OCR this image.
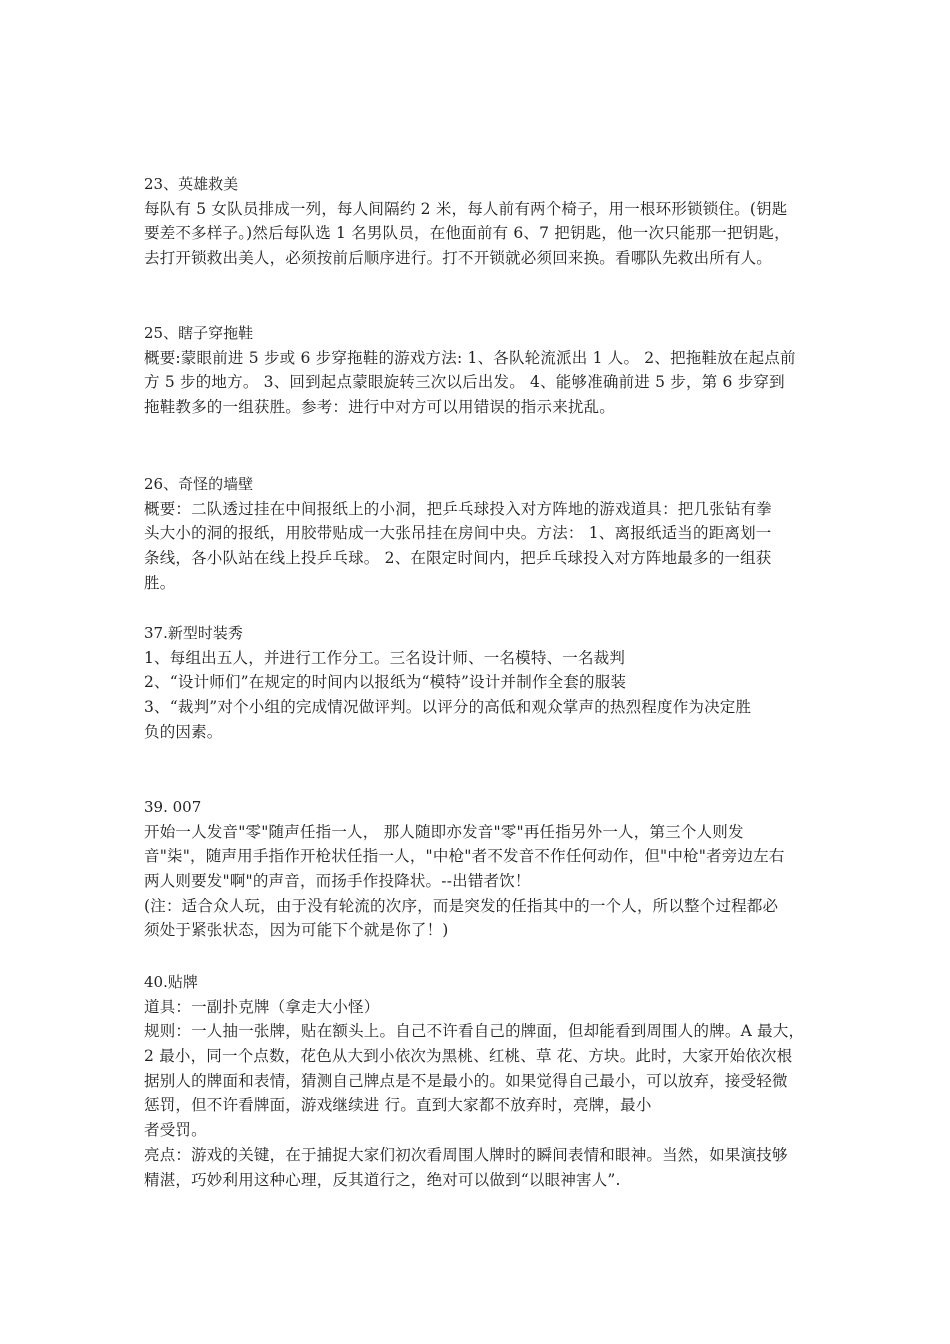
23、英雄救美
每队有 5 女队员排成一列，每人间隔约 2 米，每人前有两个椅子，用一根环形锁锁住。(钥匙
要差不多样子。)然后每队选 1 名男队员，在他面前有 6、7 把钥匙，他一次只能那一把钥匙，
去打开锁救出美人，必须按前后顺序进行。打不开锁就必须回来换。看哪队先救出所有人。
25、瞎子穿拖鞋
概要:蒙眼前进 5 步或 6 步穿拖鞋的游戏方法: 1、各队轮流派出 1 人。 2、把拖鞋放在起点前
方 5 步的地方。 3、回到起点蒙眼旋转三次以后出发。 4、能够准确前进 5 步，第 6 步穿到
拖鞋教多的一组获胜。参考：进行中对方可以用错误的指示来扰乱。
26、奇怪的墙壁
概要：二队透过挂在中间报纸上的小洞，把乒乓球投入对方阵地的游戏道具：把几张钻有拳
头大小的洞的报纸，用胶带贴成一大张吊挂在房间中央。方法： 1、离报纸适当的距离划一
条线，各小队站在线上投乒乓球。 2、在限定时间内，把乒乓球投入对方阵地最多的一组获
胜。
37.新型时装秀
1、每组出五人，并进行工作分工。三名设计师、一名模特、一名裁判
2、“设计师们”在规定的时间内以报纸为“模特”设计并制作全套的服装
3、“裁判”对个小组的完成情况做评判。以评分的高低和观众掌声的热烈程度作为决定胜
负的因素。
39. 007
开始一人发音"零"随声任指一人， 那人随即亦发音"零"再任指另外一人，第三个人则发
音"柒"，随声用手指作开枪状任指一人，"中枪"者不发音不作任何动作，但"中枪"者旁边左右
两人则要发"啊"的声音，而扬手作投降状。--出错者饮！
(注：适合众人玩，由于没有轮流的次序，而是突发的任指其中的一个人，所以整个过程都必
须处于紧张状态，因为可能下个就是你了！)
40.贴牌
道具：一副扑克牌（拿走大小怪）
规则：一人抽一张牌，贴在额头上。自己不许看自己的牌面，但却能看到周围人的牌。A 最大，
2 最小，同一个点数，花色从大到小依次为黑桃、红桃、草 花、方块。此时，大家开始依次根
据别人的牌面和表情，猜测自己牌点是不是最小的。如果觉得自己最小，可以放弃，接受轻微
惩罚，但不许看牌面，游戏继续进 行。直到大家都不放弃时，亮牌，最小
者受罚。
亮点：游戏的关键，在于捕捉大家们初次看周围人牌时的瞬间表情和眼神。当然，如果演技够
精湛，巧妙利用这种心理，反其道行之，绝对可以做到“以眼神害人”.
